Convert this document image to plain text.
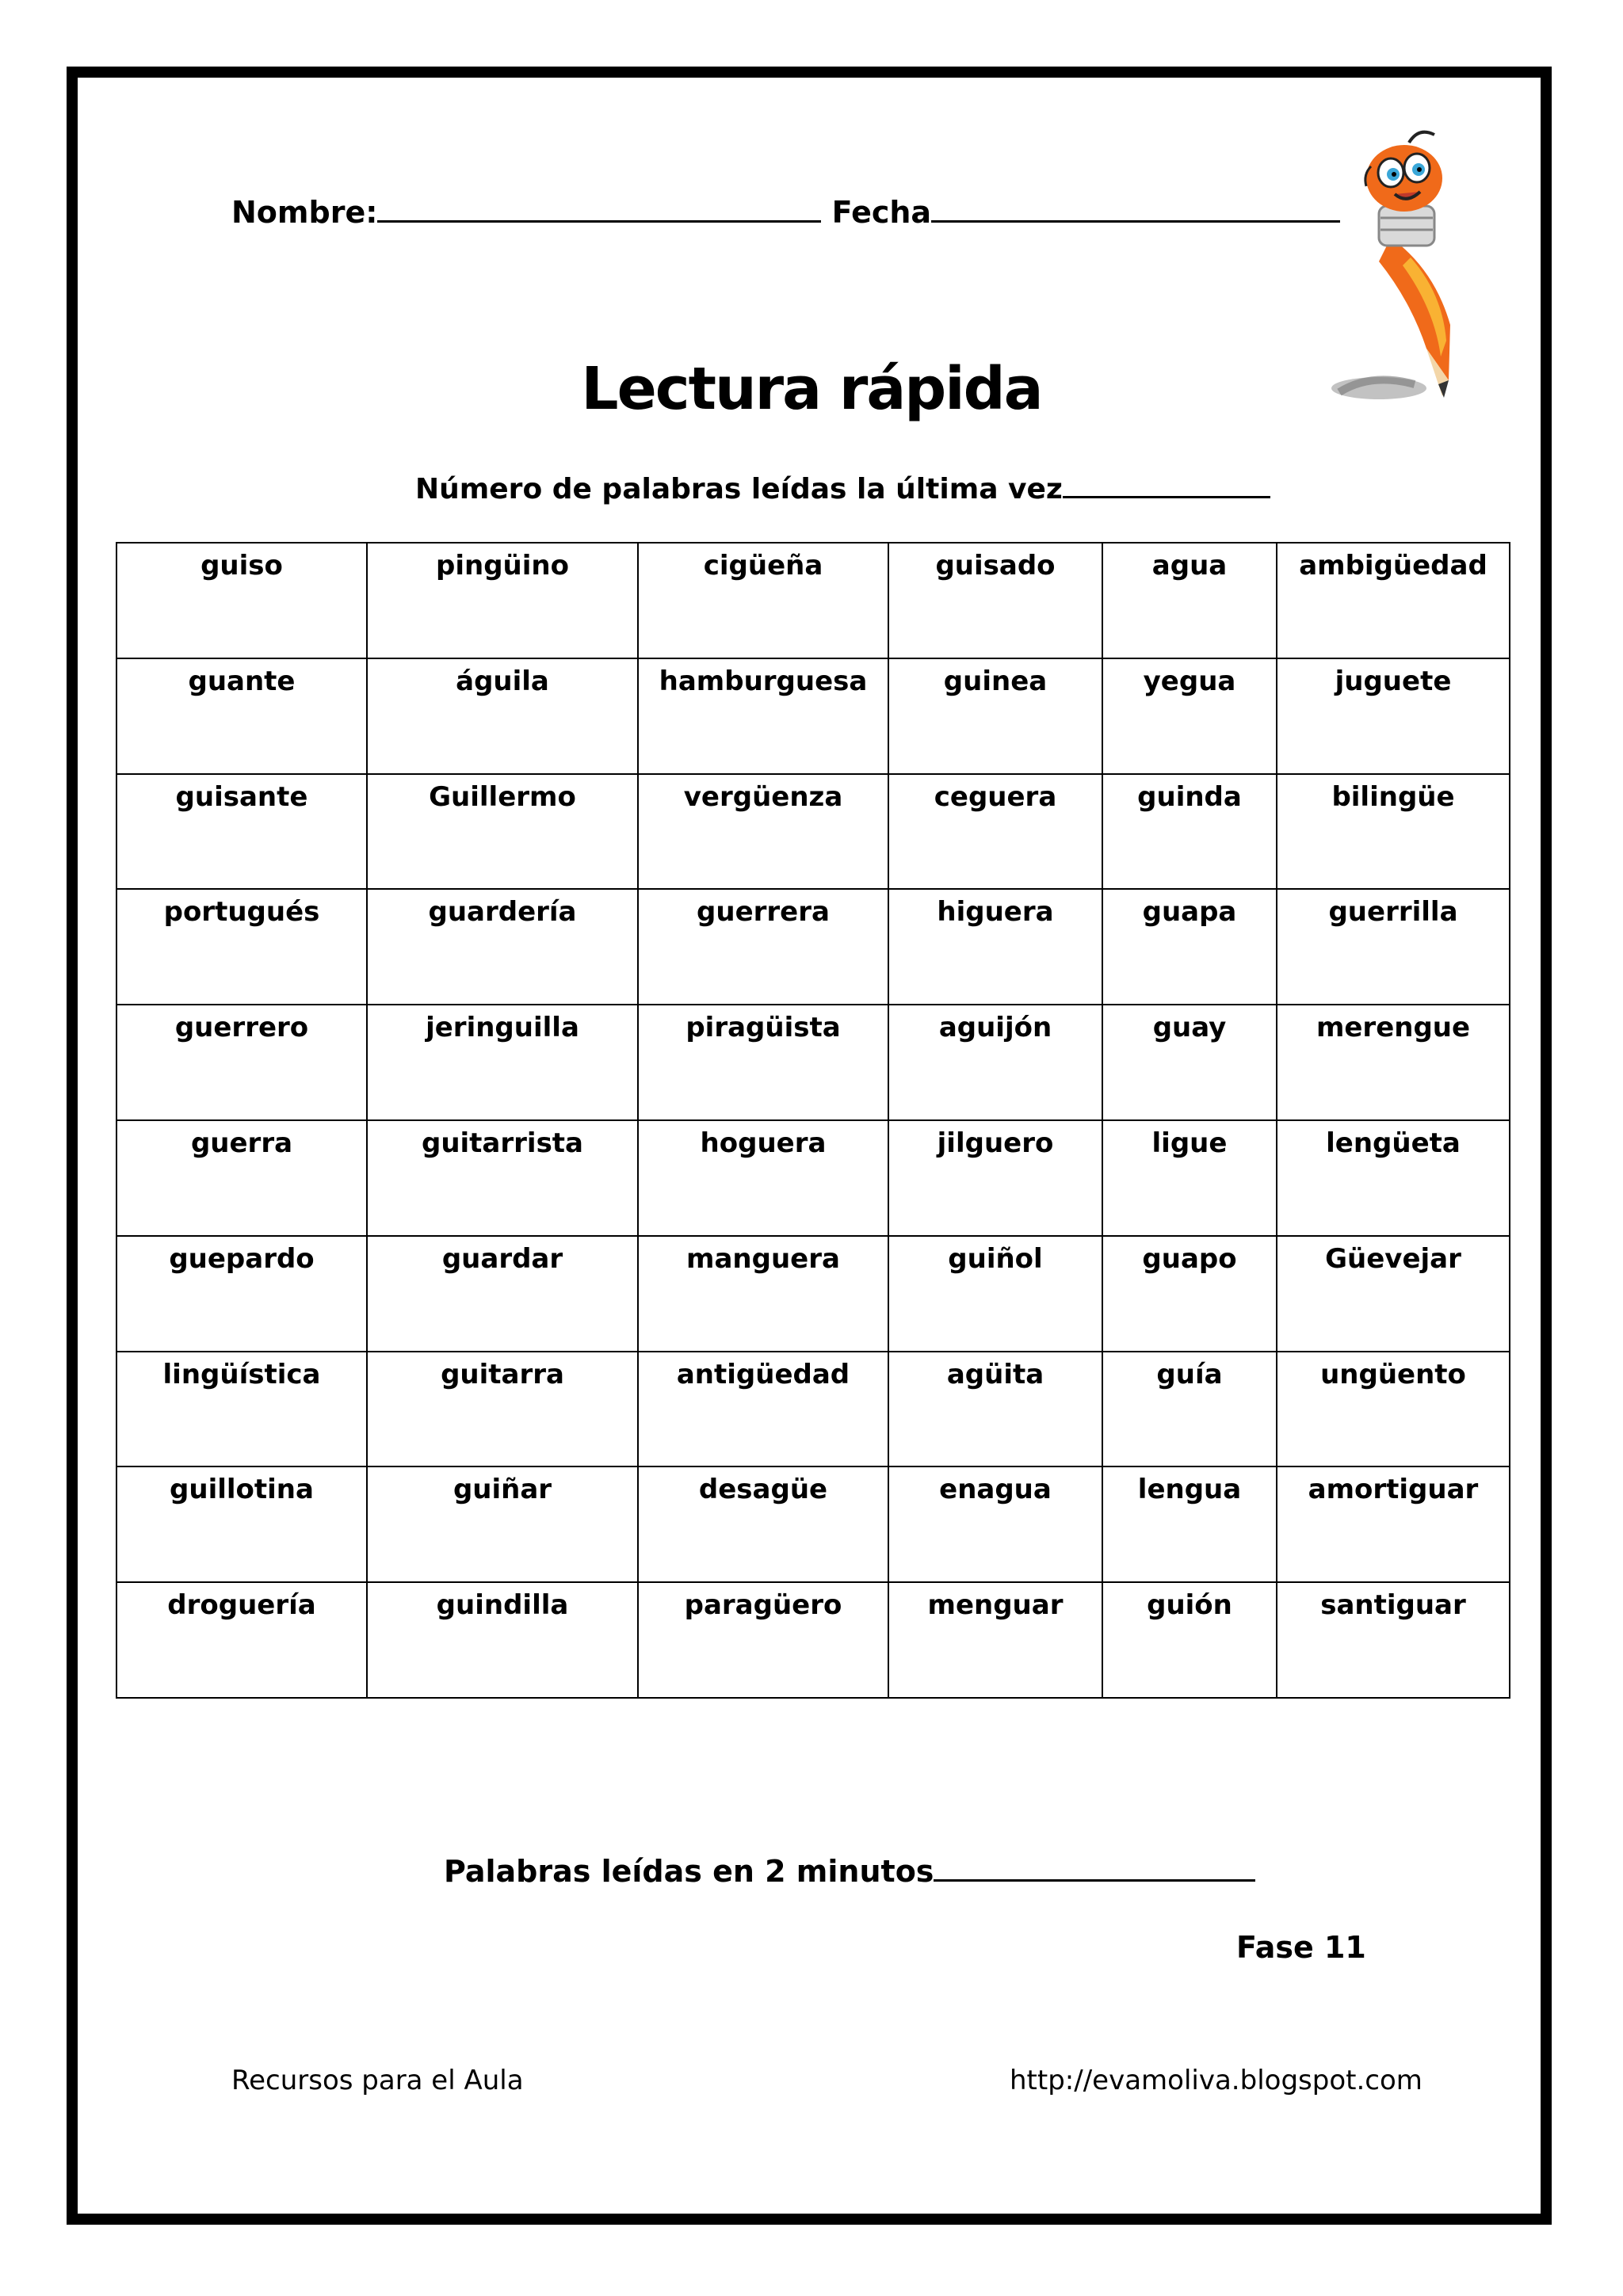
Nombre:	Fecha
Lectura rápida
Número de palabras leídas la última vez
guiso	pingüino	cigüeña	guisado	agua	ambigüedad
guante	águila	hamburguesa	guinea	yegua	juguete
guisante	Guillermo	vergüenza	ceguera	guinda	bilingüe
portugués	guardería	guerrera	higuera	guapa	guerrilla
guerrero	jeringuilla	piragüista	aguijón	guay	merengue
guerra	guitarrista	hoguera	jilguero	ligue	lengüeta
guepardo	guardar	manguera	guiñol	guapo	Güevejar
lingüística	guitarra	antigüedad	agüita	guía	ungüento
guillotina	guiñar	desagüe	enagua	lengua	amortiguar
droguería	guindilla	paragüero	menguar	guión	santiguar
Palabras leídas en 2 minutos
Fase 11
Recursos para el Aula	http://evamoliva.blogspot.com
